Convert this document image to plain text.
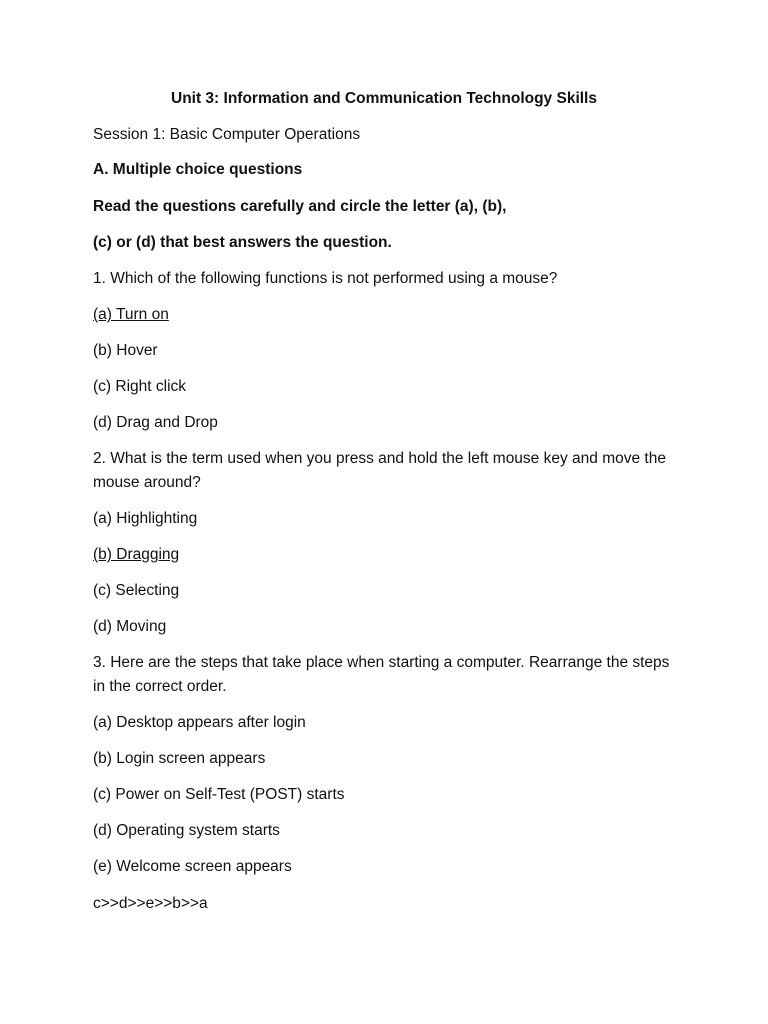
Unit 3: Information and Communication Technology Skills
Session 1: Basic Computer Operations
A. Multiple choice questions
Read the questions carefully and circle the letter (a), (b),
(c) or (d) that best answers the question.
1. Which of the following functions is not performed using a mouse?
(a) Turn on
(b) Hover
(c) Right click
(d) Drag and Drop
2. What is the term used when you press and hold the left mouse key and move the mouse around?
(a) Highlighting
(b) Dragging
(c) Selecting
(d) Moving
3. Here are the steps that take place when starting a computer. Rearrange the steps in the correct order.
(a) Desktop appears after login
(b) Login screen appears
(c) Power on Self-Test (POST) starts
(d) Operating system starts
(e) Welcome screen appears
c>>d>>e>>b>>a
